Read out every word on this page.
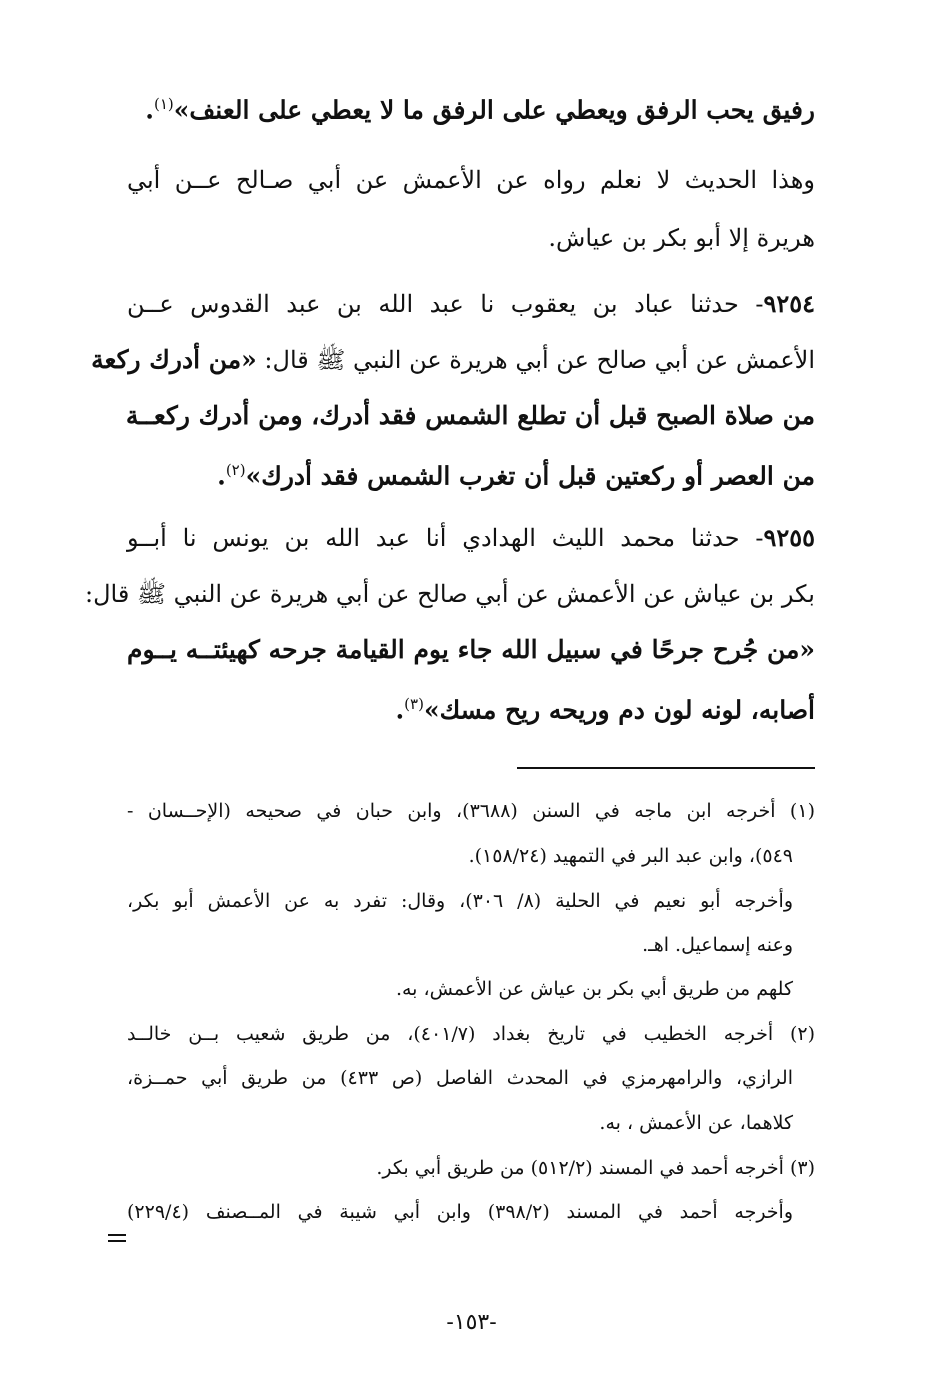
رفيق يحب الرفق ويعطي على الرفق ما لا يعطي على العنف»$^{(١)}$.
وهذا الحديث لا نعلم رواه عن الأعمش عن أبي صـالح عــن أبي
هريرة إلا أبو بكر بن عياش.
٩٢٥٤- حدثنا عباد بن يعقوب نا عبد الله بن عبد القدوس عــن
الأعمش عن أبي صالح عن أبي هريرة عن النبي ﷺ قال: «من أدرك ركعة
من صلاة الصبح قبل أن تطلع الشمس فقد أدرك، ومن أدرك ركعــة
من العصر أو ركعتين قبل أن تغرب الشمس فقد أدرك»$^{(٢)}$.
٩٢٥٥- حدثنا محمد الليث الهدادي أنا عبد الله بن يونس نا أبــو
بكر بن عياش عن الأعمش عن أبي صالح عن أبي هريرة عن النبي ﷺ قال:
«من جُرح جرحًا في سبيل الله جاء يوم القيامة جرحه كهيئتــه يــوم
أصابه، لونه لون دم وريحه ريح مسك»$^{(٣)}$.
(١) أخرجه ابن ماجه في السنن (٣٦٨٨)، وابن حبان في صحيحه (الإحــسان -
٥٤٩)، وابن عبد البر في التمهيد (١٥٨/٢٤).
وأخرجه أبو نعيم في الحلية (٨/ ٣٠٦)، وقال: تفرد به عن الأعمش أبو بكر،
وعنه إسماعيل. اهـ.
كلهم من طريق أبي بكر بن عياش عن الأعمش، به.
(٢) أخرجه الخطيب في تاريخ بغداد (٤٠١/٧)، من طريق شعيب بــن خالــد
الرازي، والرامهرمزي في المحدث الفاصل (ص ٤٣٣) من طريق أبي حمــزة،
كلاهما، عن الأعمش ، به.
(٣) أخرجه أحمد في المسند (٥١٢/٢) من طريق أبي بكر.
وأخرجه أحمد في المسند (٣٩٨/٢) وابن أبي شيبة في المــصنف (٢٢٩/٤)
-١٥٣-
